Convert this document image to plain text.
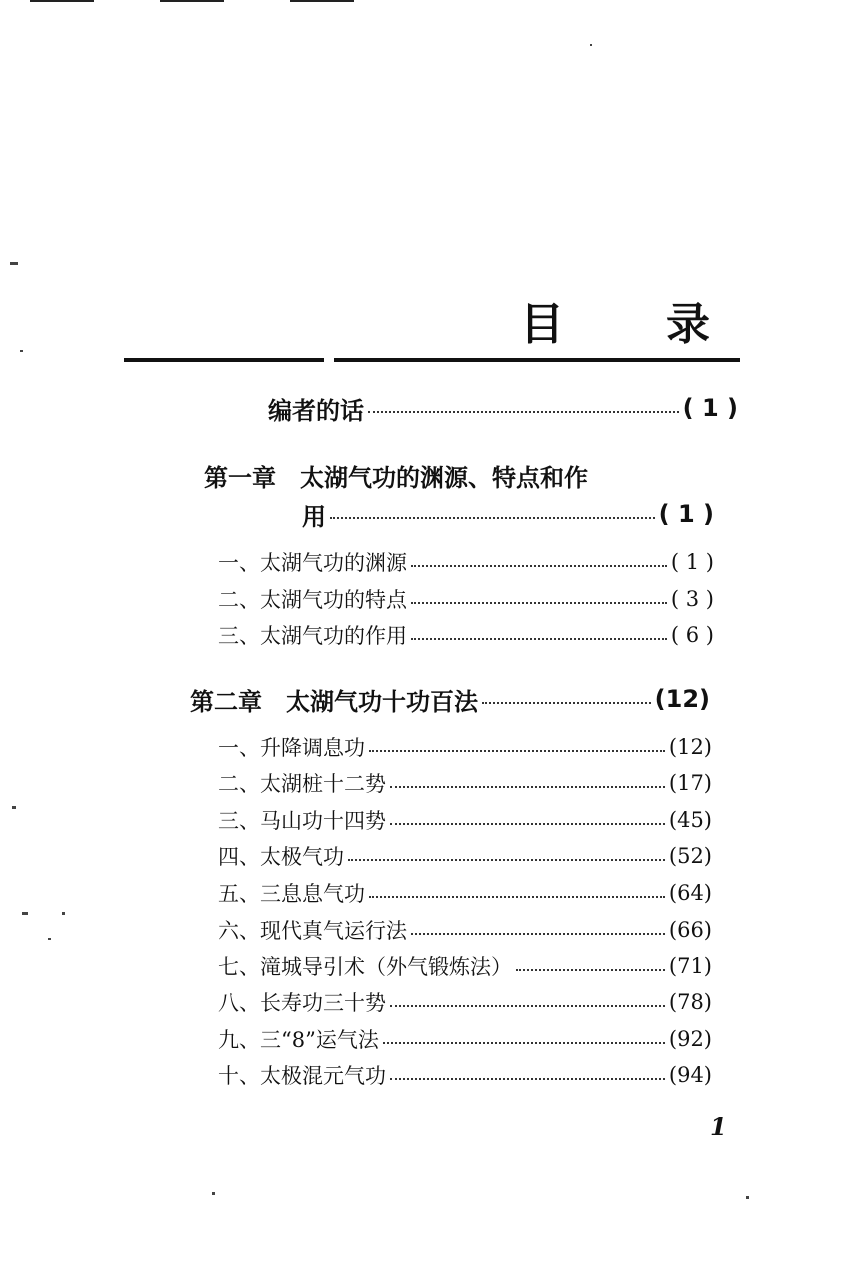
目 录
编者的话	( 1 )
第一章　太湖气功的渊源、特点和作
用	( 1 )
一、太湖气功的渊源	( 1 )
二、太湖气功的特点	( 3 )
三、太湖气功的作用	( 6 )
第二章　太湖气功十功百法	(12)
一、升降调息功	(12)
二、太湖桩十二势	(17)
三、马山功十四势	(45)
四、太极气功	(52)
五、三息息气功	(64)
六、现代真气运行法	(66)
七、滝城导引术（外气锻炼法）	(71)
八、长寿功三十势	(78)
九、三“8”运气法	(92)
十、太极混元气功	(94)
1
